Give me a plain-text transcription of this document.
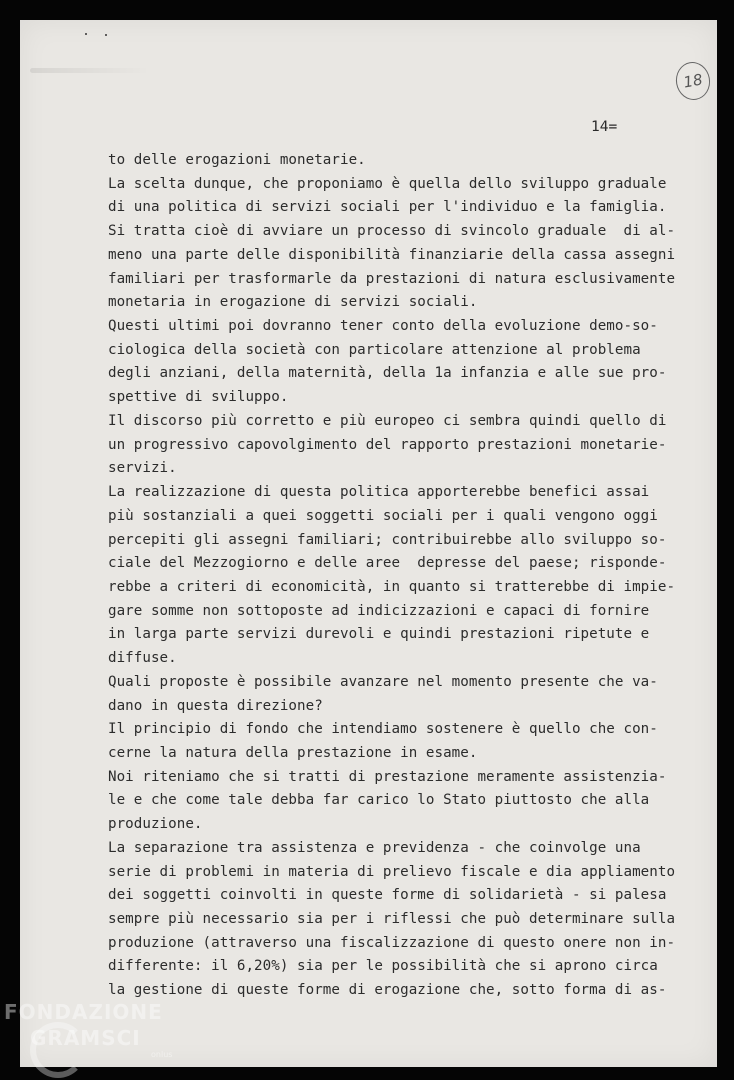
18
14=
to delle erogazioni monetarie.
La scelta dunque, che proponiamo è quella dello sviluppo graduale
di una politica di servizi sociali per l'individuo e la famiglia.
Si tratta cioè di avviare un processo di svincolo graduale  di al-
meno una parte delle disponibilità finanziarie della cassa assegni
familiari per trasformarle da prestazioni di natura esclusivamente
monetaria in erogazione di servizi sociali.
Questi ultimi poi dovranno tener conto della evoluzione demo-so-
ciologica della società con particolare attenzione al problema
degli anziani, della maternità, della 1a infanzia e alle sue pro-
spettive di sviluppo.
Il discorso più corretto e più europeo ci sembra quindi quello di
un progressivo capovolgimento del rapporto prestazioni monetarie-
servizi.
La realizzazione di questa politica apporterebbe benefici assai
più sostanziali a quei soggetti sociali per i quali vengono oggi
percepiti gli assegni familiari; contribuirebbe allo sviluppo so-
ciale del Mezzogiorno e delle aree  depresse del paese; risponde-
rebbe a criteri di economicità, in quanto si tratterebbe di impie-
gare somme non sottoposte ad indicizzazioni e capaci di fornire
in larga parte servizi durevoli e quindi prestazioni ripetute e
diffuse.
Quali proposte è possibile avanzare nel momento presente che va-
dano in questa direzione?
Il principio di fondo che intendiamo sostenere è quello che con-
cerne la natura della prestazione in esame.
Noi riteniamo che si tratti di prestazione meramente assistenzia-
le e che come tale debba far carico lo Stato piuttosto che alla
produzione.
La separazione tra assistenza e previdenza - che coinvolge una
serie di problemi in materia di prelievo fiscale e dia appliamento
dei soggetti coinvolti in queste forme di solidarietà - si palesa
sempre più necessario sia per i riflessi che può determinare sulla
produzione (attraverso una fiscalizzazione di questo onere non in-
differente: il 6,20%) sia per le possibilità che si aprono circa
la gestione di queste forme di erogazione che, sotto forma di as-
FONDAZIONE
GRAMSCI
onlus
